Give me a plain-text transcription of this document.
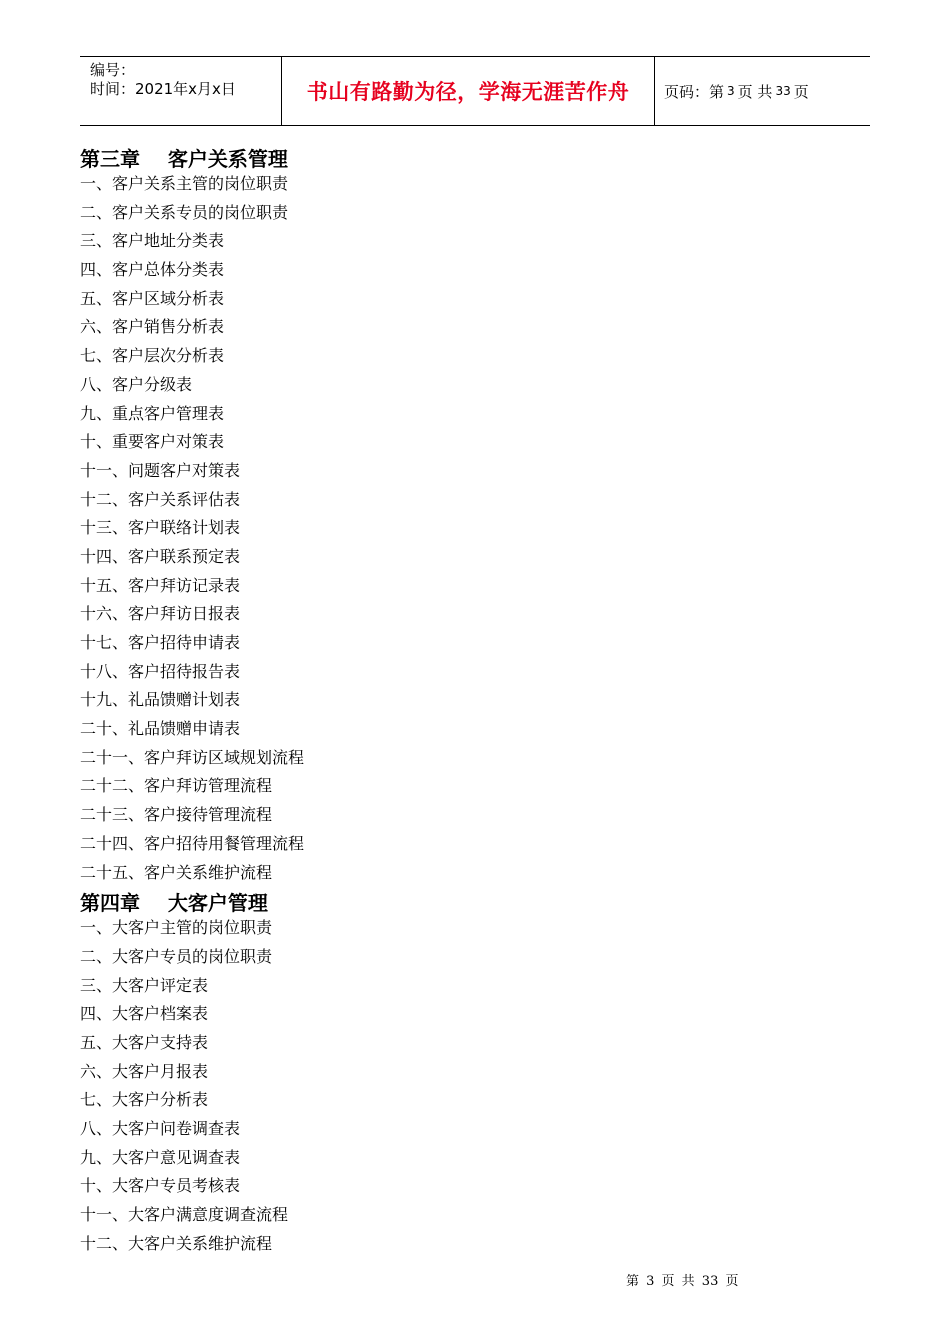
编号：
时间：2021年x月x日	书山有路勤为径，学海无涯苦作舟	页码：第 3 页 共 33 页
第三章    客户关系管理
一、客户关系主管的岗位职责
二、客户关系专员的岗位职责
三、客户地址分类表
四、客户总体分类表
五、客户区域分析表
六、客户销售分析表
七、客户层次分析表
八、客户分级表
九、重点客户管理表
十、重要客户对策表
十一、问题客户对策表
十二、客户关系评估表
十三、客户联络计划表
十四、客户联系预定表
十五、客户拜访记录表
十六、客户拜访日报表
十七、客户招待申请表
十八、客户招待报告表
十九、礼品馈赠计划表
二十、礼品馈赠申请表
二十一、客户拜访区域规划流程
二十二、客户拜访管理流程
二十三、客户接待管理流程
二十四、客户招待用餐管理流程
二十五、客户关系维护流程
第四章    大客户管理
一、大客户主管的岗位职责
二、大客户专员的岗位职责
三、大客户评定表
四、大客户档案表
五、大客户支持表
六、大客户月报表
七、大客户分析表
八、大客户问卷调查表
九、大客户意见调查表
十、大客户专员考核表
十一、大客户满意度调查流程
十二、大客户关系维护流程
第 3 页 共 33 页
